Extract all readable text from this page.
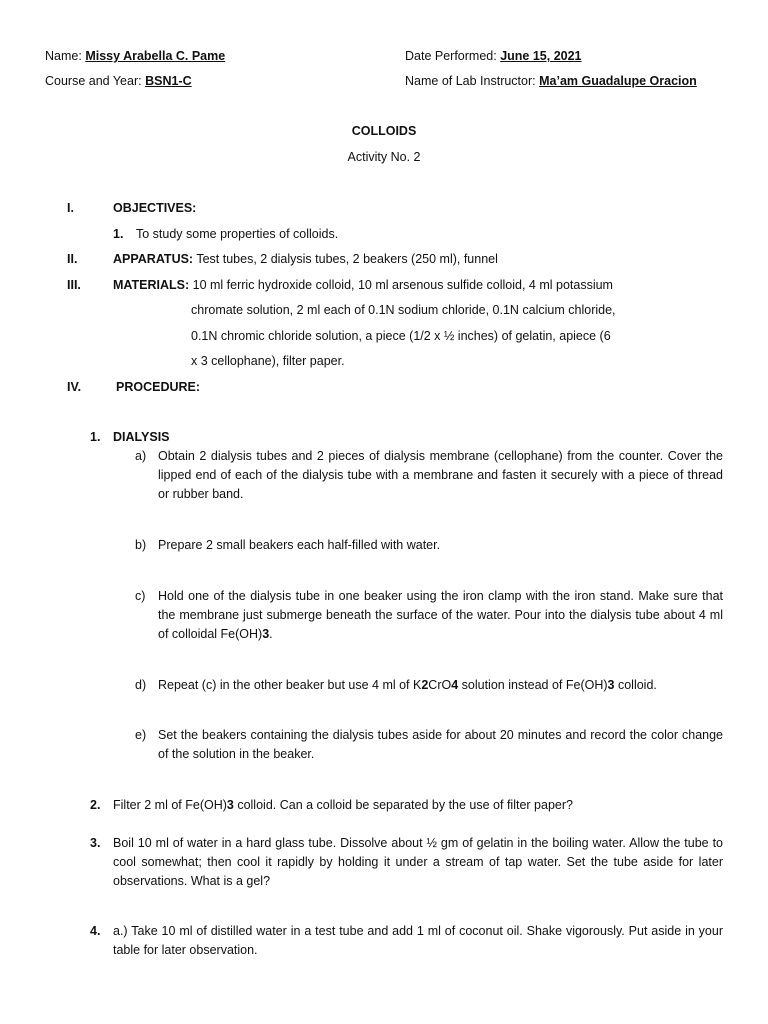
Name: Missy Arabella C. Pame	Date Performed: June 15, 2021
Course and Year: BSN1-C	Name of Lab Instructor: Ma’am Guadalupe Oracion
COLLOIDS
Activity No. 2
I.	OBJECTIVES:
1. To study some properties of colloids.
II.	APPARATUS: Test tubes, 2 dialysis tubes, 2 beakers (250 ml), funnel
III.	MATERIALS: 10 ml ferric hydroxide colloid, 10 ml arsenous sulfide colloid, 4 ml potassium
chromate solution, 2 ml each of 0.1N sodium chloride, 0.1N calcium chloride,
0.1N chromic chloride solution, a piece (1/2 x ½ inches) of gelatin, apiece (6
x 3 cellophane), filter paper.
IV.	PROCEDURE:
1. DIALYSIS
a) Obtain 2 dialysis tubes and 2 pieces of dialysis membrane (cellophane) from the counter. Cover the lipped end of each of the dialysis tube with a membrane and fasten it securely with a piece of thread or rubber band.
b) Prepare 2 small beakers each half-filled with water.
c) Hold one of the dialysis tube in one beaker using the iron clamp with the iron stand. Make sure that the membrane just submerge beneath the surface of the water. Pour into the dialysis tube about 4 ml of colloidal Fe(OH)3.
d) Repeat (c) in the other beaker but use 4 ml of K2CrO4 solution instead of Fe(OH)3 colloid.
e) Set the beakers containing the dialysis tubes aside for about 20 minutes and record the color change of the solution in the beaker.
2. Filter 2 ml of Fe(OH)3 colloid. Can a colloid be separated by the use of filter paper?
3. Boil 10 ml of water in a hard glass tube. Dissolve about ½ gm of gelatin in the boiling water. Allow the tube to cool somewhat; then cool it rapidly by holding it under a stream of tap water. Set the tube aside for later observations. What is a gel?
4. a.) Take 10 ml of distilled water in a test tube and add 1 ml of coconut oil. Shake vigorously. Put aside in your table for later observation.
